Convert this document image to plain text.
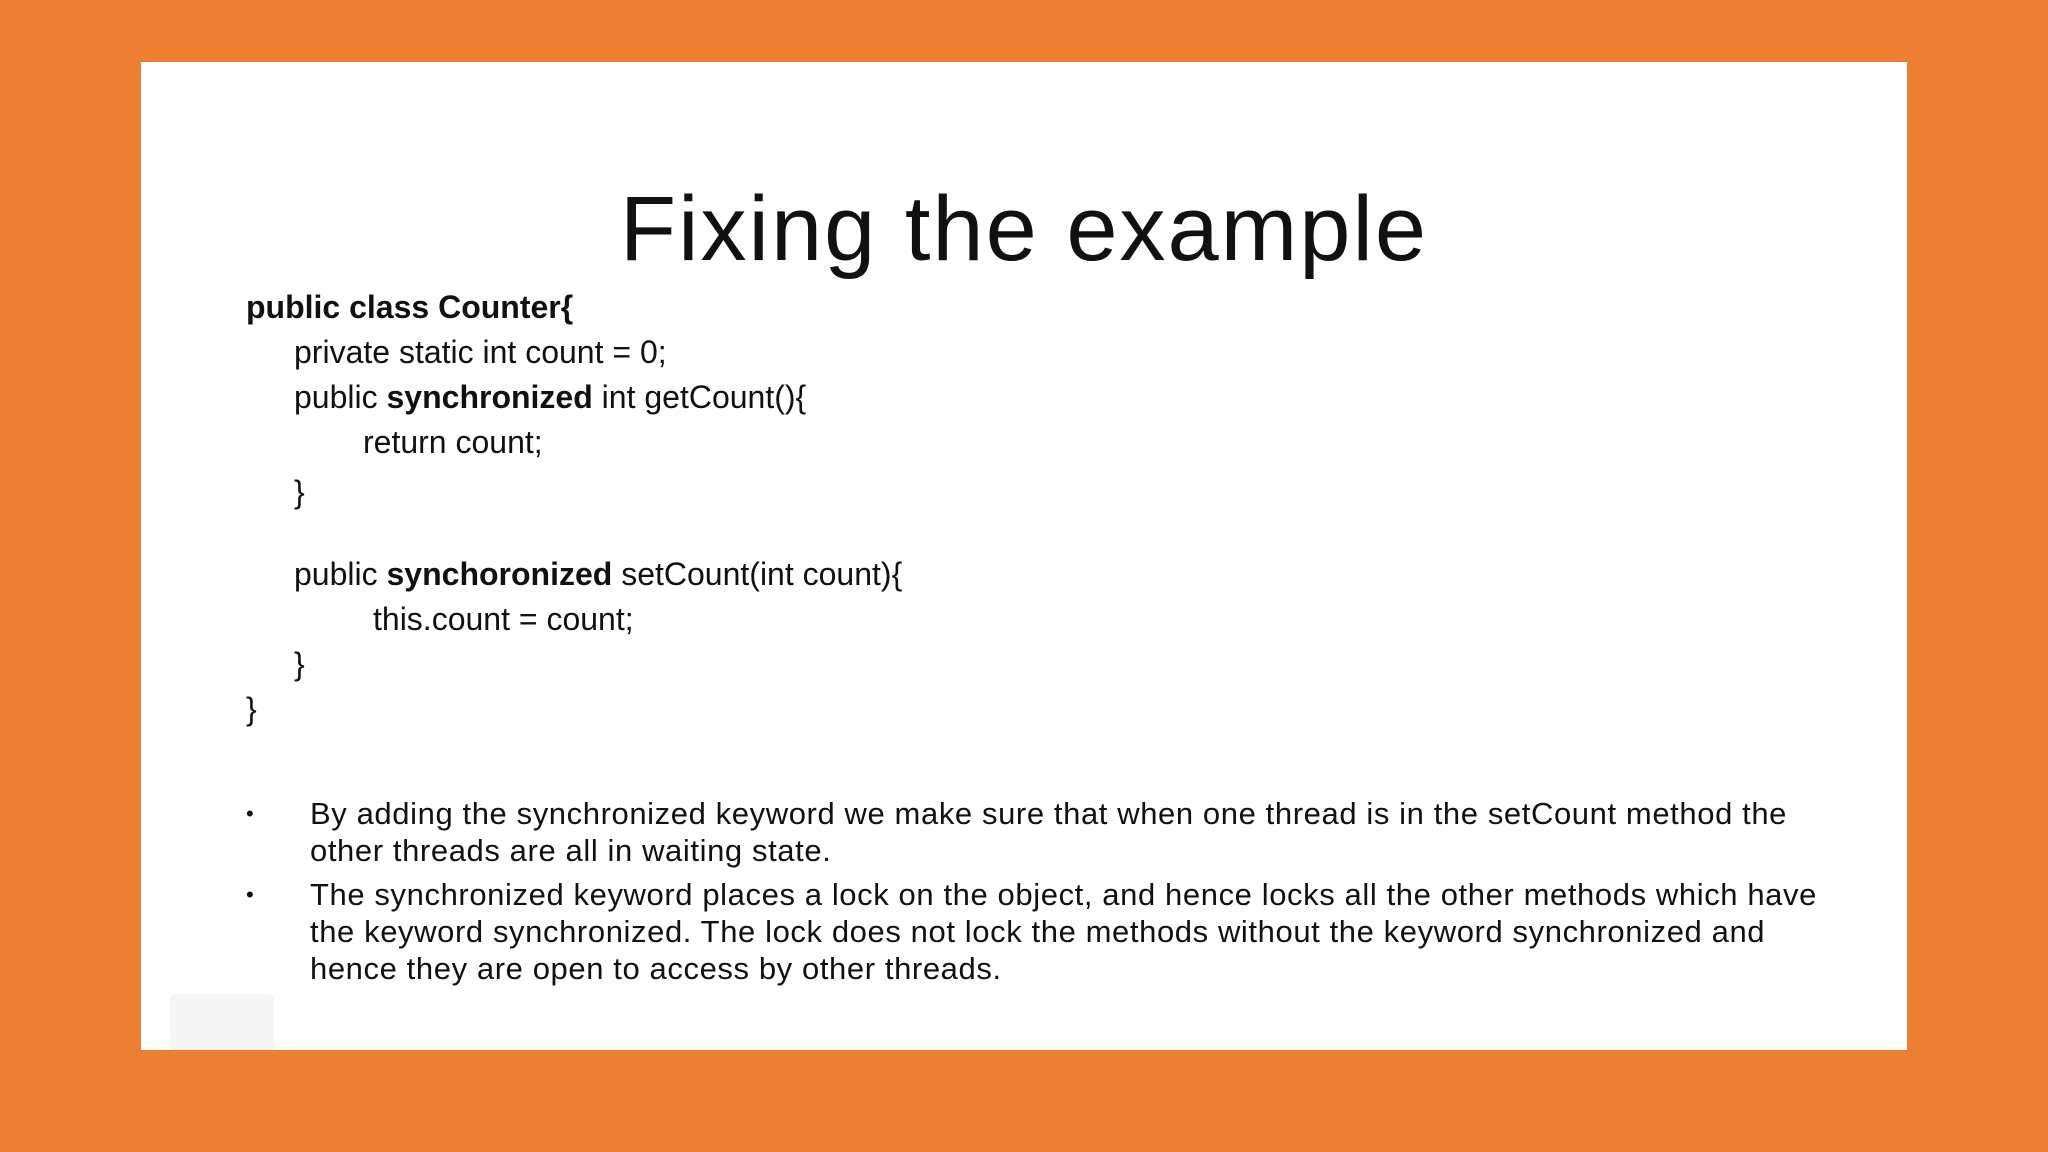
Fixing the example
public class Counter{
private static int count = 0;
public synchronized int getCount(){
return count;
}
public synchoronized setCount(int count){
this.count = count;
}
}
•	By adding the synchronized keyword we make sure that when one thread is in the setCount method the other threads are all in waiting state.
•	The synchronized keyword places a lock on the object, and hence locks all the other methods which have the keyword synchronized. The lock does not lock the methods without the keyword synchronized and hence they are open to access by other threads.
